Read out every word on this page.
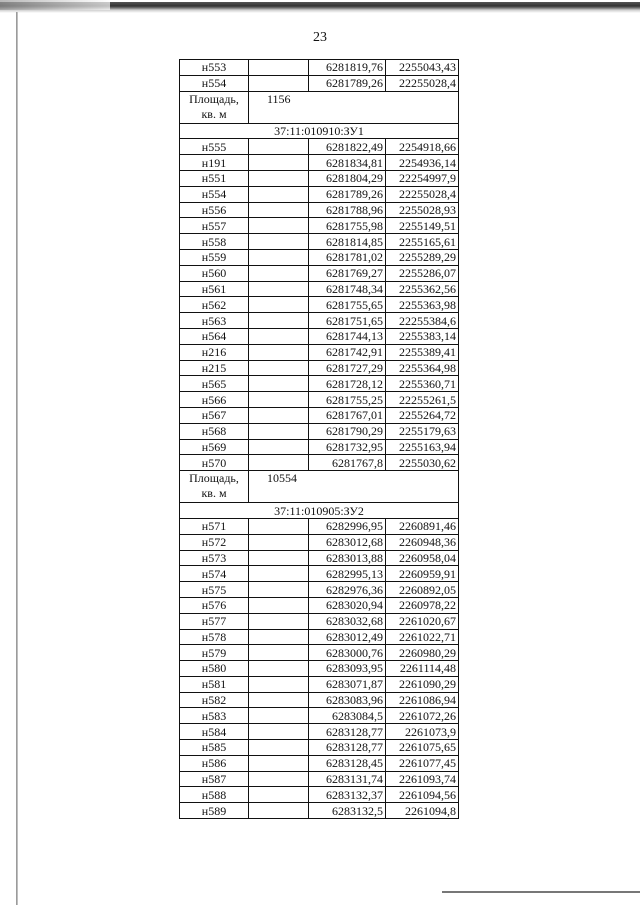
23
н553		6281819,76	2255043,43
н554		6281789,26	22255028,4

Площадь,
кв. м	1156		
37:11:010910:ЗУ1			
н555		6281822,49	2254918,66
н191		6281834,81	2254936,14
н551		6281804,29	22254997,9
н554		6281789,26	22255028,4
н556		6281788,96	2255028,93
н557		6281755,98	2255149,51
н558		6281814,85	2255165,61
н559		6281781,02	2255289,29
н560		6281769,27	2255286,07
н561		6281748,34	2255362,56
н562		6281755,65	2255363,98
н563		6281751,65	22255384,6
н564		6281744,13	2255383,14
н216		6281742,91	2255389,41
н215		6281727,29	2255364,98
н565		6281728,12	2255360,71
н566		6281755,25	22255261,5
н567		6281767,01	2255264,72
н568		6281790,29	2255179,63
н569		6281732,95	2255163,94
н570		6281767,8	2255030,62

Площадь,
кв. м	10554		
37:11:010905:ЗУ2			
н571		6282996,95	2260891,46
н572		6283012,68	2260948,36
н573		6283013,88	2260958,04
н574		6282995,13	2260959,91
н575		6282976,36	2260892,05
н576		6283020,94	2260978,22
н577		6283032,68	2261020,67
н578		6283012,49	2261022,71
н579		6283000,76	2260980,29
н580		6283093,95	2261114,48
н581		6283071,87	2261090,29
н582		6283083,96	2261086,94
н583		6283084,5	2261072,26
н584		6283128,77	2261073,9
н585		6283128,77	2261075,65
н586		6283128,45	2261077,45
н587		6283131,74	2261093,74
н588		6283132,37	2261094,56
н589		6283132,5	2261094,8
